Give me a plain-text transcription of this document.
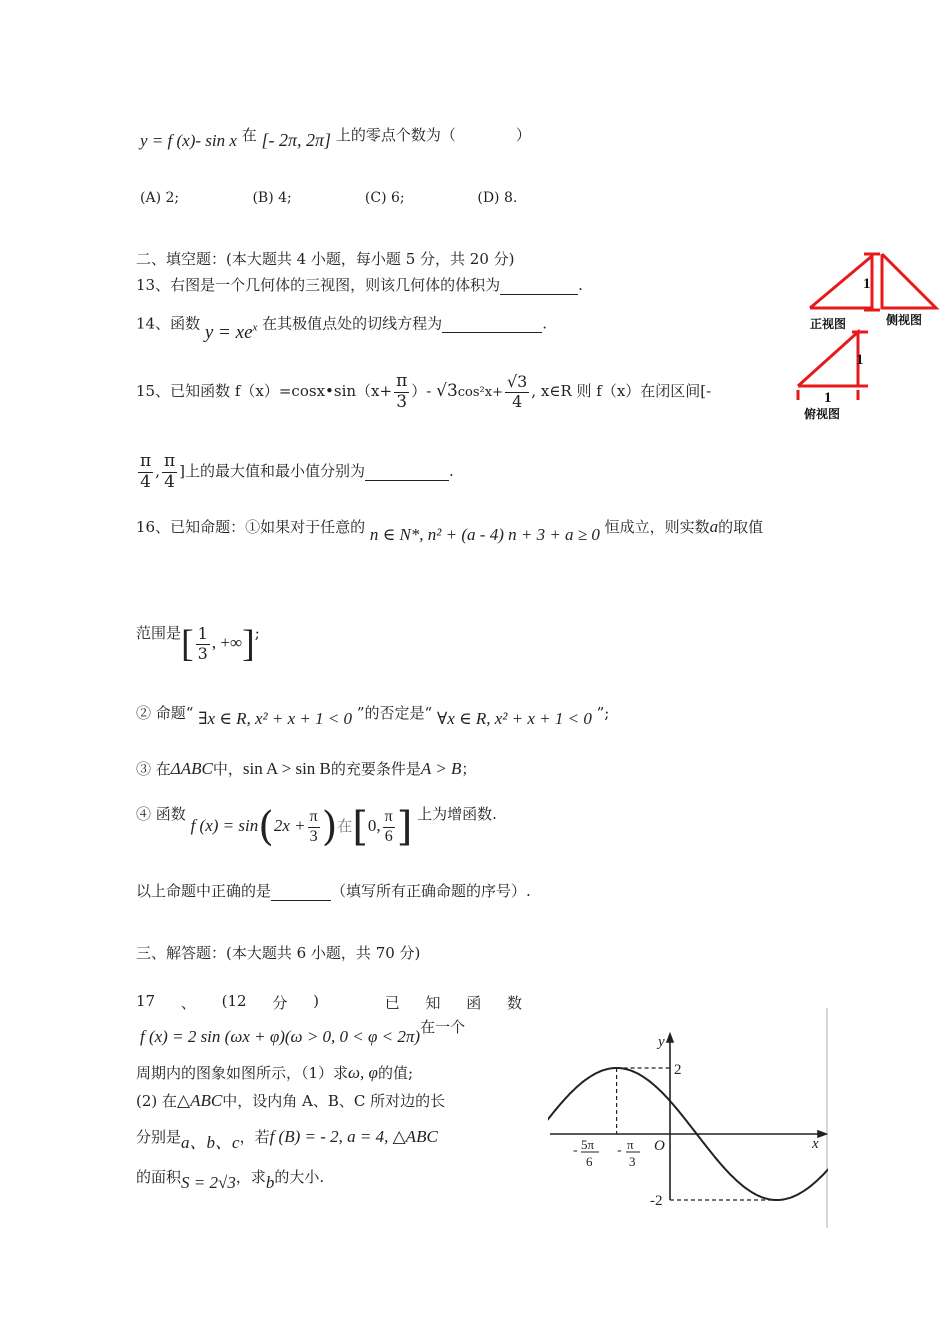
y = f (x)- sin x 在 [- 2π, 2π] 上的零点个数为（　　　　）
(A) 2;	(B) 4;	(C) 6;	(D) 8.
二、填空题：(本大题共 4 小题，每小题 5 分，共 20 分)
13、右图是一个几何体的三视图，则该几何体的体积为	.
14、函数 $y = xe^x$ 在其极值点处的切线方程为	.
15、已知函数 f（x）=cosx•sin（x+ $\frac{\pi}{3}$ ）- $√3\cos^2x+ \frac{√3}{4}$ , x∈R 则 f（x）在闭区间[-
$\frac{\pi}{4}$ , $\frac{\pi}{4}$ ]上的最大值和最小值分别为	.
16、已知命题：①如果对于任意的 n ∈ N*, n² + (a - 4) n + 3 + a ≥ 0 恒成立，则实数a的取值
范围是[ $\frac{1}{3}$ , +∞];
② 命题“ ∃x ∈ R, x² + x + 1 < 0 ”的否定是“ ∀x ∈ R, x² + x + 1 < 0 ”;
③ 在ΔABC中，sin A > sin B的充要条件是A > B；
④ 函数 f $(x) = \sin(2x + \frac{\pi}{3}$ )在[0, $\frac{\pi}{6}$ ] 上为增函数.
以上命题中正确的是	（填写所有正确命题的序号）.
三、解答题：(本大题共 6 小题，共 70 分)
17 、 (12 分 )	已 知 函 数
f (x) = 2 sin (ωx + φ)(ω > 0, 0 < φ < 2π)在一个
周期内的图象如图所示，（1）求ω, φ的值;
(2) 在△ABC中，设内角 A、B、C 所对边的长
分别是a、b、c，若f (B) = - 2, a = 4, △ABC
的面积S = 2√3，求b的大小.
1
1
1
正视图	侧视图
俯视图
y
x
O
2
-2
- 5π
6
- π
3
